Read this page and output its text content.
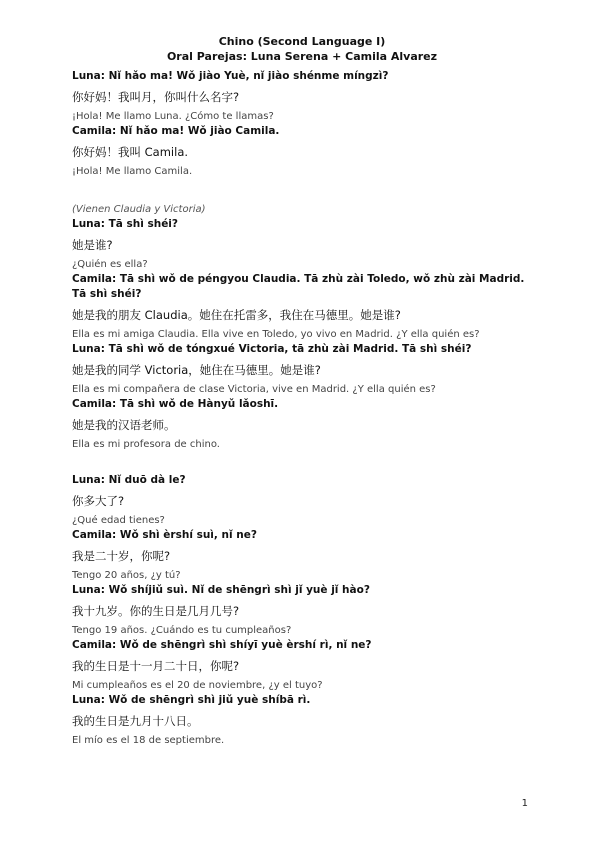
Chino (Second Language I)
Oral Parejas: Luna Serena + Camila Alvarez

Luna: Nǐ hǎo ma! Wǒ jiào Yuè, nǐ jiào shénme míngzì?

你好妈！我叫月，你叫什么名字?

¡Hola! Me llamo Luna. ¿Cómo te llamas?

Camila: Nǐ hǎo ma! Wǒ jiào Camila.

你好妈！我叫 Camila.

¡Hola! Me llamo Camila.

(Vienen Claudia y Victoria)

Luna: Tā shì shéi?

她是谁?

¿Quién es ella?

Camila: Tā shì wǒ de péngyou Claudia. Tā zhù zài Toledo, wǒ zhù zài Madrid. Tā shì shéi?

她是我的朋友 Claudia。她住在托雷多，我住在马德里。她是谁?

Ella es mi amiga Claudia. Ella vive en Toledo, yo vivo en Madrid. ¿Y ella quién es?

Luna: Tā shì wǒ de tóngxué Victoria, tā zhù zài Madrid. Tā shì shéi?

她是我的同学 Victoria，她住在马德里。她是谁?

Ella es mi compañera de clase Victoria, vive en Madrid. ¿Y ella quién es?

Camila: Tā shì wǒ de Hànyǔ lǎoshī.

她是我的汉语老师。

Ella es mi profesora de chino.

Luna: Nǐ duō dà le?

你多大了?

¿Qué edad tienes?

Camila: Wǒ shì èrshí suì, nǐ ne?

我是二十岁，你呢?

Tengo 20 años, ¿y tú?

Luna: Wǒ shíjiǔ suì. Nǐ de shēngrì shì jǐ yuè jǐ hào?

我十九岁。你的生日是几月几号?

Tengo 19 años. ¿Cuándo es tu cumpleaños?

Camila: Wǒ de shēngrì shì shíyī yuè èrshí rì, nǐ ne?

我的生日是十一月二十日，你呢?

Mi cumpleaños es el 20 de noviembre, ¿y el tuyo?

Luna: Wǒ de shēngrì shì jiǔ yuè shíbā rì.

我的生日是九月十八日。

El mío es el 18 de septiembre.

1
